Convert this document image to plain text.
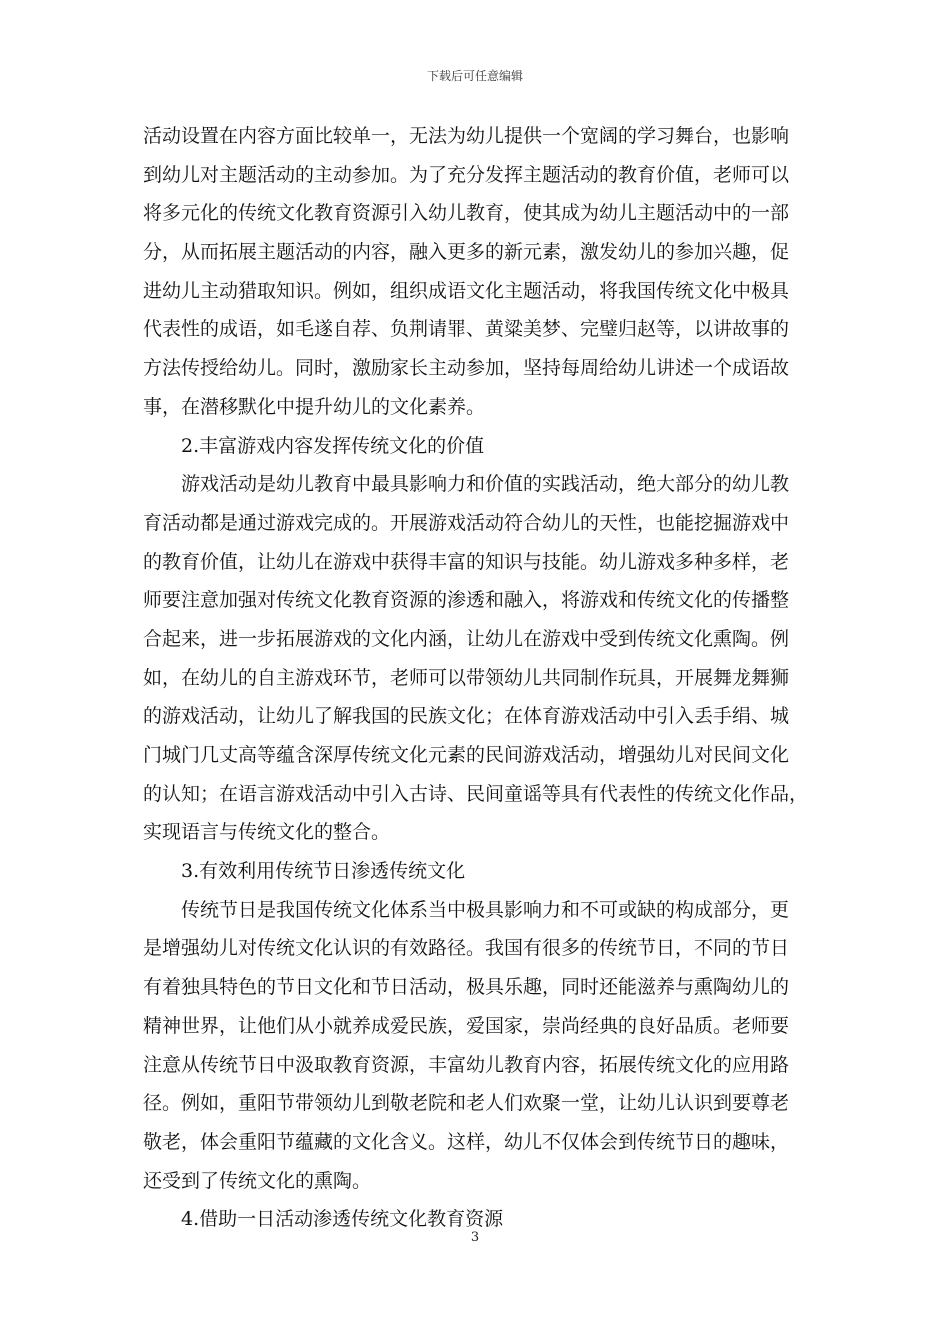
下载后可任意编辑
活动设置在内容方面比较单一，无法为幼儿提供一个宽阔的学习舞台，也影响
到幼儿对主题活动的主动参加。为了充分发挥主题活动的教育价值，老师可以
将多元化的传统文化教育资源引入幼儿教育，使其成为幼儿主题活动中的一部
分，从而拓展主题活动的内容，融入更多的新元素，激发幼儿的参加兴趣，促
进幼儿主动猎取知识。例如，组织成语文化主题活动，将我国传统文化中极具
代表性的成语，如毛遂自荐、负荆请罪、黄粱美梦、完璧归赵等，以讲故事的
方法传授给幼儿。同时，激励家长主动参加，坚持每周给幼儿讲述一个成语故
事，在潜移默化中提升幼儿的文化素养。
2.丰富游戏内容发挥传统文化的价值
游戏活动是幼儿教育中最具影响力和价值的实践活动，绝大部分的幼儿教
育活动都是通过游戏完成的。开展游戏活动符合幼儿的天性，也能挖掘游戏中
的教育价值，让幼儿在游戏中获得丰富的知识与技能。幼儿游戏多种多样，老
师要注意加强对传统文化教育资源的渗透和融入，将游戏和传统文化的传播整
合起来，进一步拓展游戏的文化内涵，让幼儿在游戏中受到传统文化熏陶。例
如，在幼儿的自主游戏环节，老师可以带领幼儿共同制作玩具，开展舞龙舞狮
的游戏活动，让幼儿了解我国的民族文化；在体育游戏活动中引入丢手绢、城
门城门几丈高等蕴含深厚传统文化元素的民间游戏活动，增强幼儿对民间文化
的认知；在语言游戏活动中引入古诗、民间童谣等具有代表性的传统文化作品，
实现语言与传统文化的整合。
3.有效利用传统节日渗透传统文化
传统节日是我国传统文化体系当中极具影响力和不可或缺的构成部分，更
是增强幼儿对传统文化认识的有效路径。我国有很多的传统节日，不同的节日
有着独具特色的节日文化和节日活动，极具乐趣，同时还能滋养与熏陶幼儿的
精神世界，让他们从小就养成爱民族，爱国家，崇尚经典的良好品质。老师要
注意从传统节日中汲取教育资源，丰富幼儿教育内容，拓展传统文化的应用路
径。例如，重阳节带领幼儿到敬老院和老人们欢聚一堂，让幼儿认识到要尊老
敬老，体会重阳节蕴藏的文化含义。这样，幼儿不仅体会到传统节日的趣味，
还受到了传统文化的熏陶。
4.借助一日活动渗透传统文化教育资源
3
